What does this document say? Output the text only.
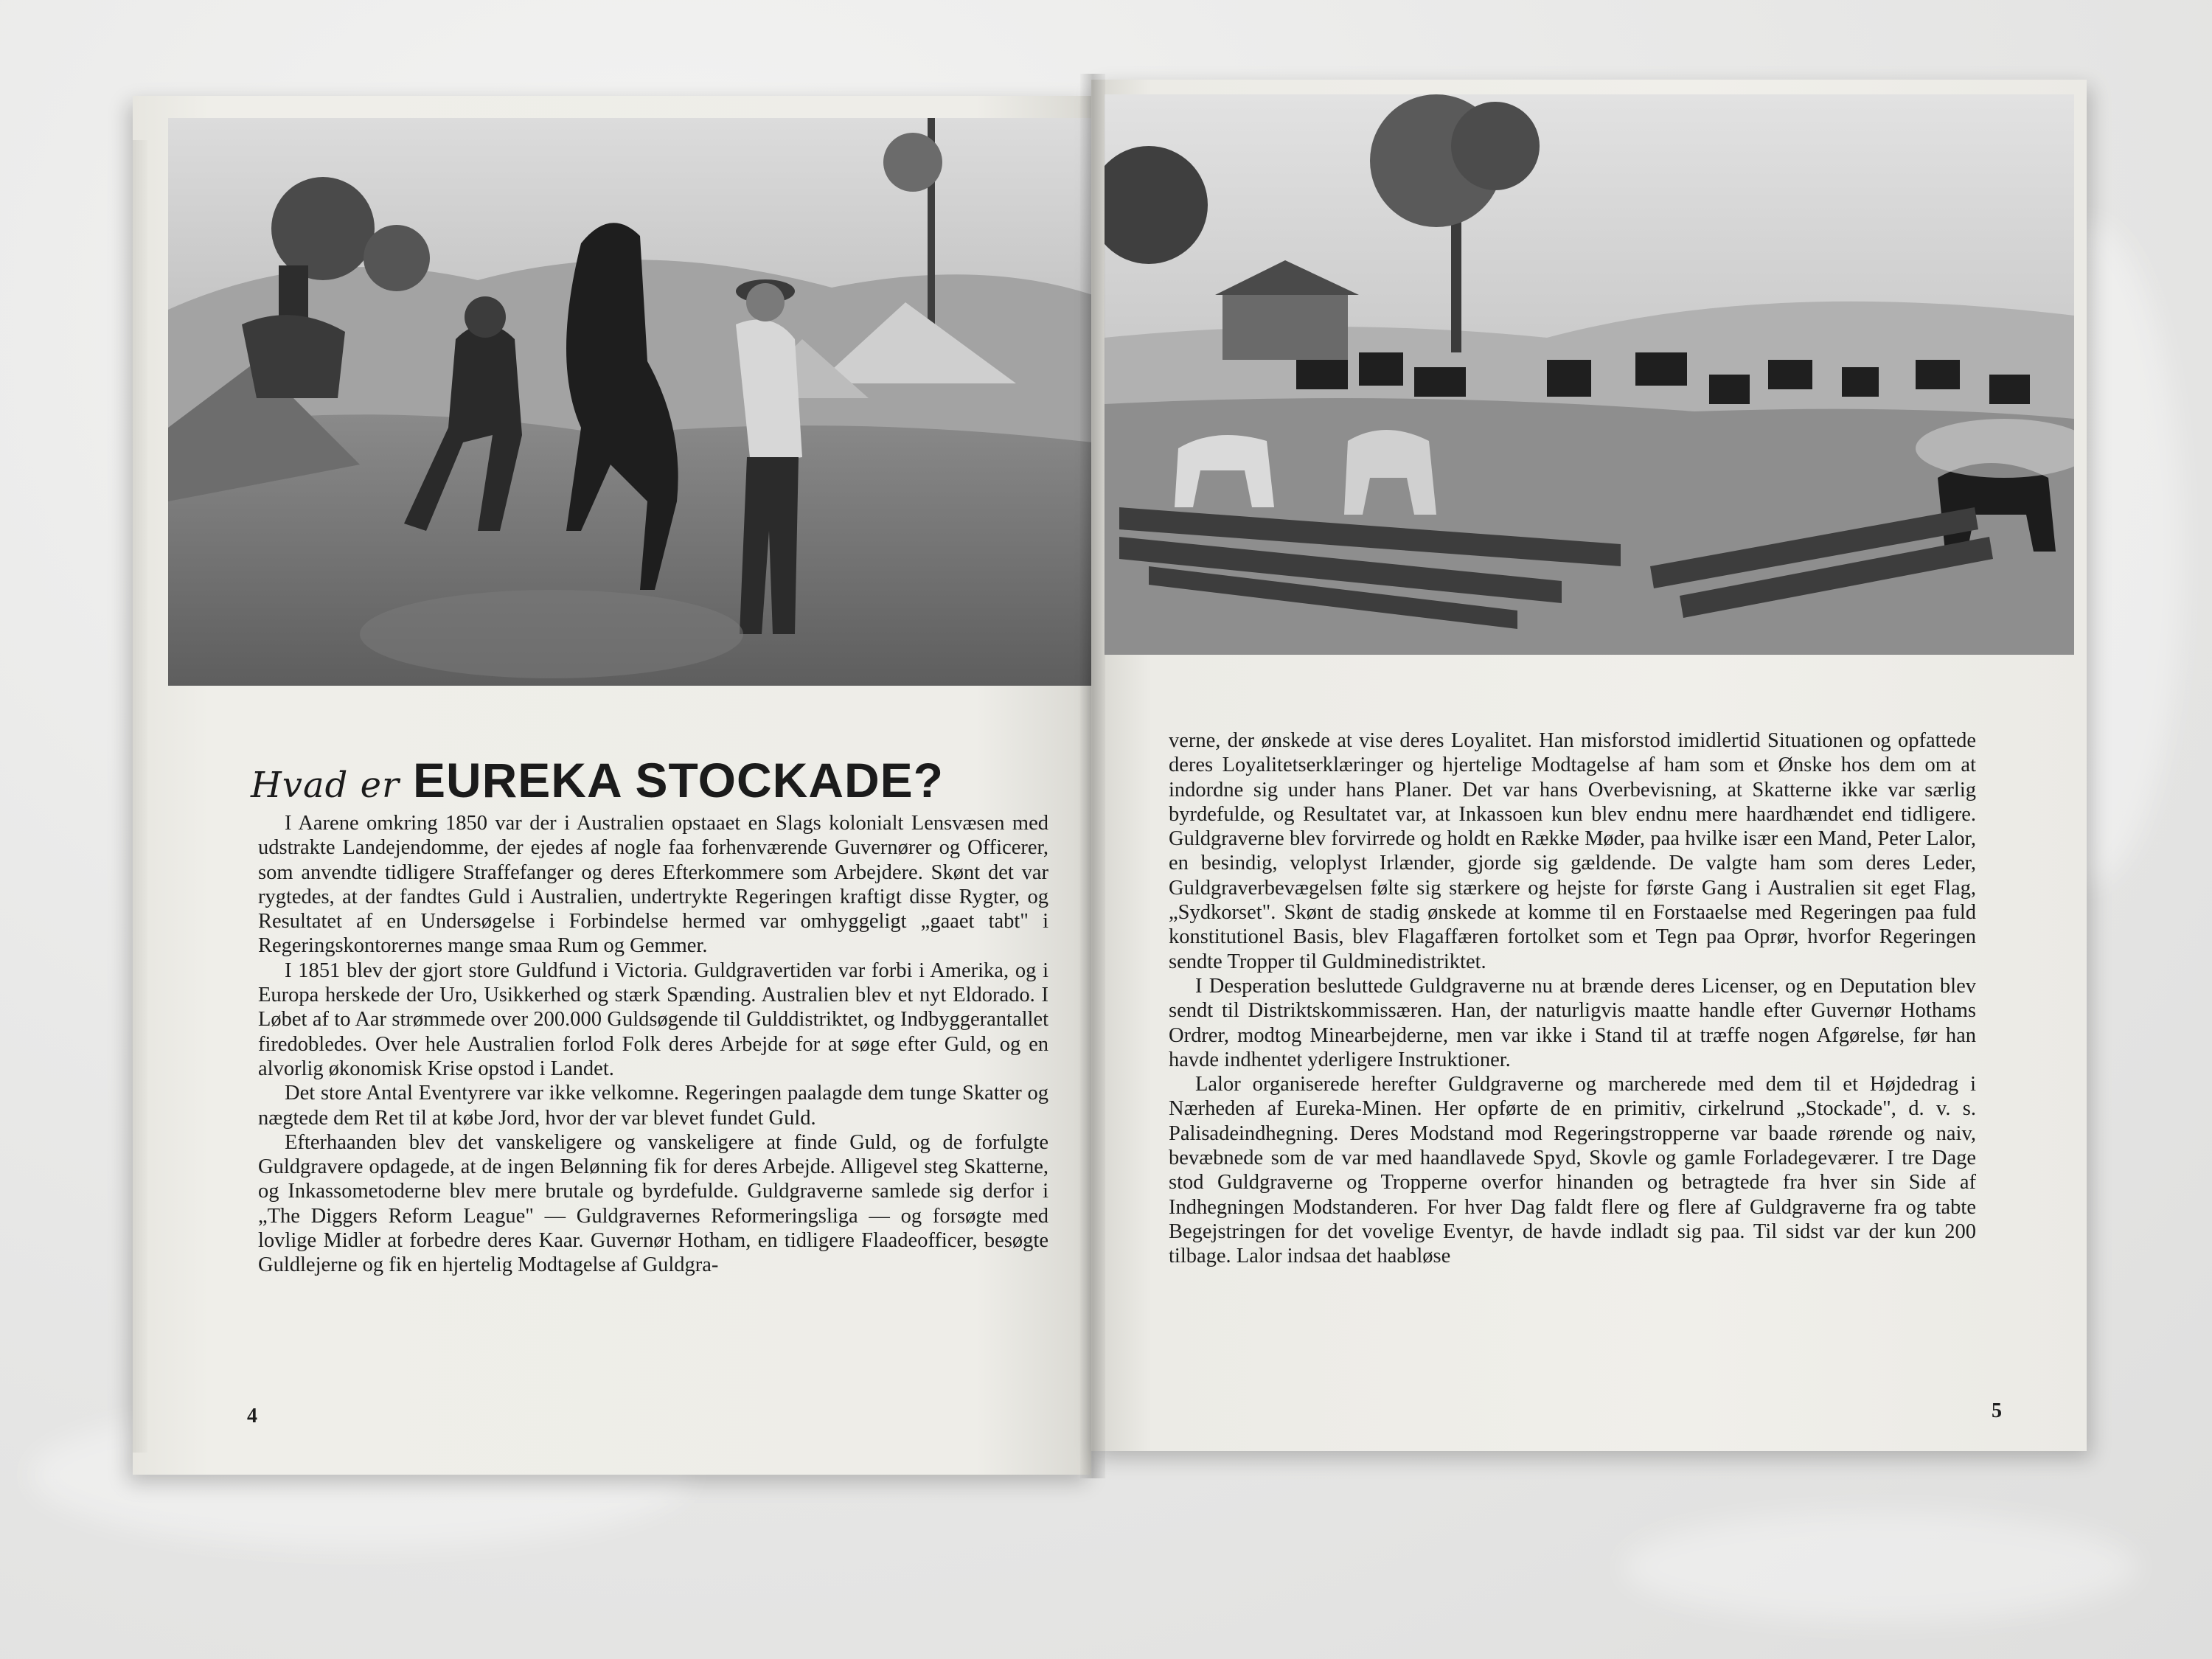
Hvad er EUREKA STOCKADE?

I Aarene omkring 1850 var der i Australien opstaaet en Slags kolonialt Lensvæsen med udstrakte Landejendomme, der ejedes af nogle faa forhenværende Guvernører og Officerer, som anvendte tidligere Straffefanger og deres Efterkommere som Arbejdere. Skønt det var rygtedes, at der fandtes Guld i Australien, undertrykte Regeringen kraftigt disse Rygter, og Resultatet af en Undersøgelse i Forbindelse hermed var omhyggeligt „gaaet tabt" i Regeringskontorernes mange smaa Rum og Gemmer.

I 1851 blev der gjort store Guldfund i Victoria. Guldgravertiden var forbi i Amerika, og i Europa herskede der Uro, Usikkerhed og stærk Spænding. Australien blev et nyt Eldorado. I Løbet af to Aar strømmede over 200.000 Guldsøgende til Gulddistriktet, og Indbyggerantallet firedobledes. Over hele Australien forlod Folk deres Arbejde for at søge efter Guld, og en alvorlig økonomisk Krise opstod i Landet.

Det store Antal Eventyrere var ikke velkomne. Regeringen paalagde dem tunge Skatter og nægtede dem Ret til at købe Jord, hvor der var blevet fundet Guld.

Efterhaanden blev det vanskeligere og vanskeligere at finde Guld, og de forfulgte Guldgravere opdagede, at de ingen Belønning fik for deres Arbejde. Alligevel steg Skatterne, og Inkassometoderne blev mere brutale og byrdefulde. Guldgraverne samlede sig derfor i „The Diggers Reform League" — Guldgravernes Reformeringsliga — og forsøgte med lovlige Midler at forbedre deres Kaar. Guvernør Hotham, en tidligere Flaadeofficer, besøgte Guldlejerne og fik en hjertelig Modtagelse af Guldgra-

4

verne, der ønskede at vise deres Loyalitet. Han misforstod imidlertid Situationen og opfattede deres Loyalitetserklæringer og hjertelige Modtagelse af ham som et Ønske hos dem om at indordne sig under hans Planer. Det var hans Overbevisning, at Skatterne ikke var særlig byrdefulde, og Resultatet var, at Inkassoen kun blev endnu mere haardhændet end tidligere. Guldgraverne blev forvirrede og holdt en Række Møder, paa hvilke især een Mand, Peter Lalor, en besindig, veloplyst Irlænder, gjorde sig gældende. De valgte ham som deres Leder, Guldgraverbevægelsen følte sig stærkere og hejste for første Gang i Australien sit eget Flag, „Sydkorset". Skønt de stadig ønskede at komme til en Forstaaelse med Regeringen paa fuld konstitutionel Basis, blev Flagaffæren fortolket som et Tegn paa Oprør, hvorfor Regeringen sendte Tropper til Guldminedistriktet.

I Desperation besluttede Guldgraverne nu at brænde deres Licenser, og en Deputation blev sendt til Distriktskommissæren. Han, der naturligvis maatte handle efter Guvernør Hothams Ordrer, modtog Minearbejderne, men var ikke i Stand til at træffe nogen Afgørelse, før han havde indhentet yderligere Instruktioner.

Lalor organiserede herefter Guldgraverne og marcherede med dem til et Højdedrag i Nærheden af Eureka-Minen. Her opførte de en primitiv, cirkelrund „Stockade", d. v. s. Palisadeindhegning. Deres Modstand mod Regeringstropperne var baade rørende og naiv, bevæbnede som de var med haandlavede Spyd, Skovle og gamle Forladegeværer. I tre Dage stod Guldgraverne og Tropperne overfor hinanden og betragtede fra hver sin Side af Indhegningen Modstanderen. For hver Dag faldt flere og flere af Guldgraverne fra og tabte Begejstringen for det vovelige Eventyr, de havde indladt sig paa. Til sidst var der kun 200 tilbage. Lalor indsaa det haabløse

5
